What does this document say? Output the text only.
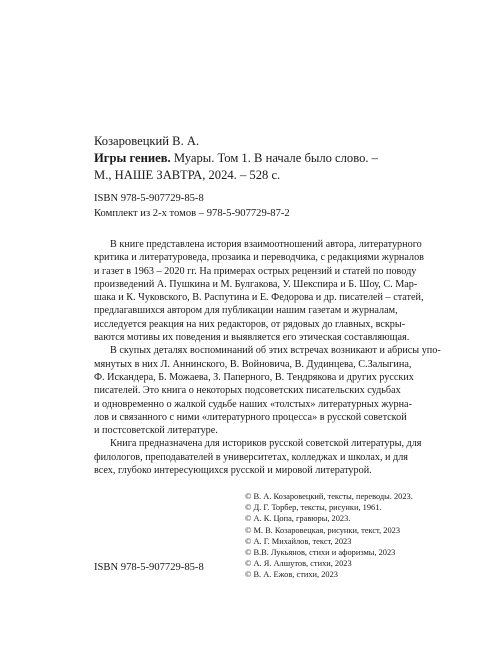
Козаровецкий В. А.
Игры гениев. Муары. Том 1. В начале было слово. –
М., НАШЕ ЗАВТРА, 2024. – 528 с.
ISBN 978-5-907729-85-8
Комплект из 2-х томов – 978-5-907729-87-2
В книге представлена история взаимоотношений автора, литературного
критика и литературоведа, прозаика и переводчика, с редакциями журналов
и газет в 1963 – 2020 гг. На примерах острых рецензий и статей по поводу
произведений А. Пушкина и М. Булгакова, У. Шекспира и Б. Шоу, С. Мар-
шака и К. Чуковского, В. Распутина и Е. Федорова и др. писателей – статей,
предлагавшихся автором для публикации нашим газетам и журналам,
исследуется реакция на них редакторов, от рядовых до главных, вскры-
ваются мотивы их поведения и выявляется его этическая составляющая.
В скупых деталях воспоминаний об этих встречах возникают и абрисы упо-
мянутых в них Л. Аннинского, В. Войновича, В. Дудинцева, С.Залыгина,
Ф. Искандера, Б. Можаева, З. Паперного, В. Тендрякова и других русских
писателей. Это книга о некоторых подсоветских писательских судьбах
и одновременно о жалкой судьбе наших «толстых» литературных журна-
лов и связанного с ними «литературного процесса» в русской советской
и постсоветской литературе.
Книга предназначена для историков русской советской литературы, для
филологов, преподавателей в университетах, колледжах и школах, и для
всех, глубоко интересующихся русской и мировой литературой.
ISBN 978-5-907729-85-8
© В. А. Козаровецкий, тексты, переводы. 2023.
© Д. Г. Торбер, тексты, рисунки, 1961.
© А. К. Цопа, гравюры, 2023.
© М. В. Козаровецкая, рисунки, текст, 2023
© А. Г. Михайлов, текст, 2023
© В.В. Лукьянов, стихи и афоризмы, 2023
© А. Я. Алшутов, стихи, 2023
© В. А. Ежов, стихи, 2023
